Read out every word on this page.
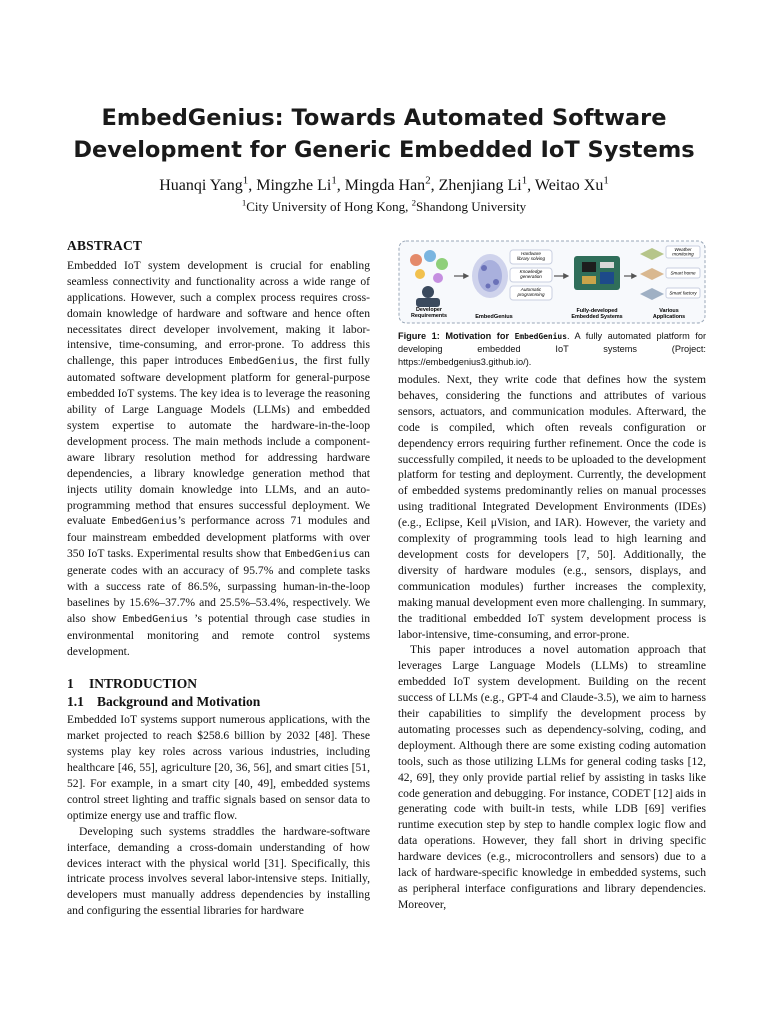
EmbedGenius: Towards Automated Software
Development for Generic Embedded IoT Systems
Huanqi Yang$^1$, Mingzhe Li$^1$, Mingda Han$^2$, Zhenjiang Li$^1$, Weitao Xu$^1$
$^1$City University of Hong Kong, $^2$Shandong University
ABSTRACT

Embedded IoT system development is crucial for enabling seamless connectivity and functionality across a wide range of applications. However, such a complex process requires cross-domain knowledge of hardware and software and hence often necessitates direct developer involvement, making it labor-intensive, time-consuming, and error-prone. To address this challenge, this paper introduces EmbedGenius, the first fully automated software development platform for general-purpose embedded IoT systems. The key idea is to leverage the reasoning ability of Large Language Models (LLMs) and embedded system expertise to automate the hardware-in-the-loop development process. The main methods include a component-aware library resolution method for addressing hardware dependencies, a library knowledge generation method that injects utility domain knowledge into LLMs, and an auto-programming method that ensures successful deployment. We evaluate EmbedGenius’s performance across 71 modules and four mainstream embedded development platforms with over 350 IoT tasks. Experimental results show that EmbedGenius can generate codes with an accuracy of 95.7% and complete tasks with a success rate of 86.5%, surpassing human-in-the-loop baselines by 15.6%–37.7% and 25.5%–53.4%, respectively. We also show EmbedGenius ’s potential through case studies in environmental monitoring and remote control systems development.

1 INTRODUCTION
1.1 Background and Motivation

Embedded IoT systems support numerous applications, with the market projected to reach $258.6 billion by 2032 [48]. These systems play key roles across various industries, including healthcare [46, 55], agriculture [20, 36, 56], and smart cities [51, 52]. For example, in a smart city [40, 49], embedded systems control street lighting and traffic signals based on sensor data to optimize energy use and traffic flow.

Developing such systems straddles the hardware-software interface, demanding a cross-domain understanding of how devices interact with the physical world [31]. Specifically, this intricate process involves several labor-intensive steps. Initially, developers must manually address dependencies by installing and configuring the essential libraries for hardware

Developer Requirements	EmbedGenius
Hardware library solving
Knowledge generation
Automatic programming
Fully-developed Embedded Systems
Weather monitoring
Smart home
Smart factory
Various Applications
Figure 1: Motivation for EmbedGenius. A fully automated platform for developing embedded IoT systems (Project: https://embedgenius3.github.io/).

modules. Next, they write code that defines how the system behaves, considering the functions and attributes of various sensors, actuators, and communication modules. Afterward, the code is compiled, which often reveals configuration or dependency errors requiring further refinement. Once the code is successfully compiled, it needs to be uploaded to the development platform for testing and deployment. Currently, the development of embedded systems predominantly relies on manual processes using traditional Integrated Development Environments (IDEs) (e.g., Eclipse, Keil μVision, and IAR). However, the variety and complexity of programming tools lead to high learning and development costs for developers [7, 50]. Additionally, the diversity of hardware modules (e.g., sensors, displays, and communication modules) further increases the complexity, making manual development even more challenging. In summary, the traditional embedded IoT system development process is labor-intensive, time-consuming, and error-prone.

This paper introduces a novel automation approach that leverages Large Language Models (LLMs) to streamline embedded IoT system development. Building on the recent success of LLMs (e.g., GPT-4 and Claude-3.5), we aim to harness their capabilities to simplify the development process by automating processes such as dependency-solving, coding, and deployment. Although there are some existing coding automation tools, such as those utilizing LLMs for general coding tasks [12, 42, 69], they only provide partial relief by assisting in tasks like code generation and debugging. For instance, CODET [12] aids in generating code with built-in tests, while LDB [69] verifies runtime execution step by step to handle complex logic flow and data operations. However, they fall short in driving specific hardware devices (e.g., microcontrollers and sensors) due to a lack of hardware-specific knowledge in embedded systems, such as peripheral interface configurations and library dependencies. Moreover,
